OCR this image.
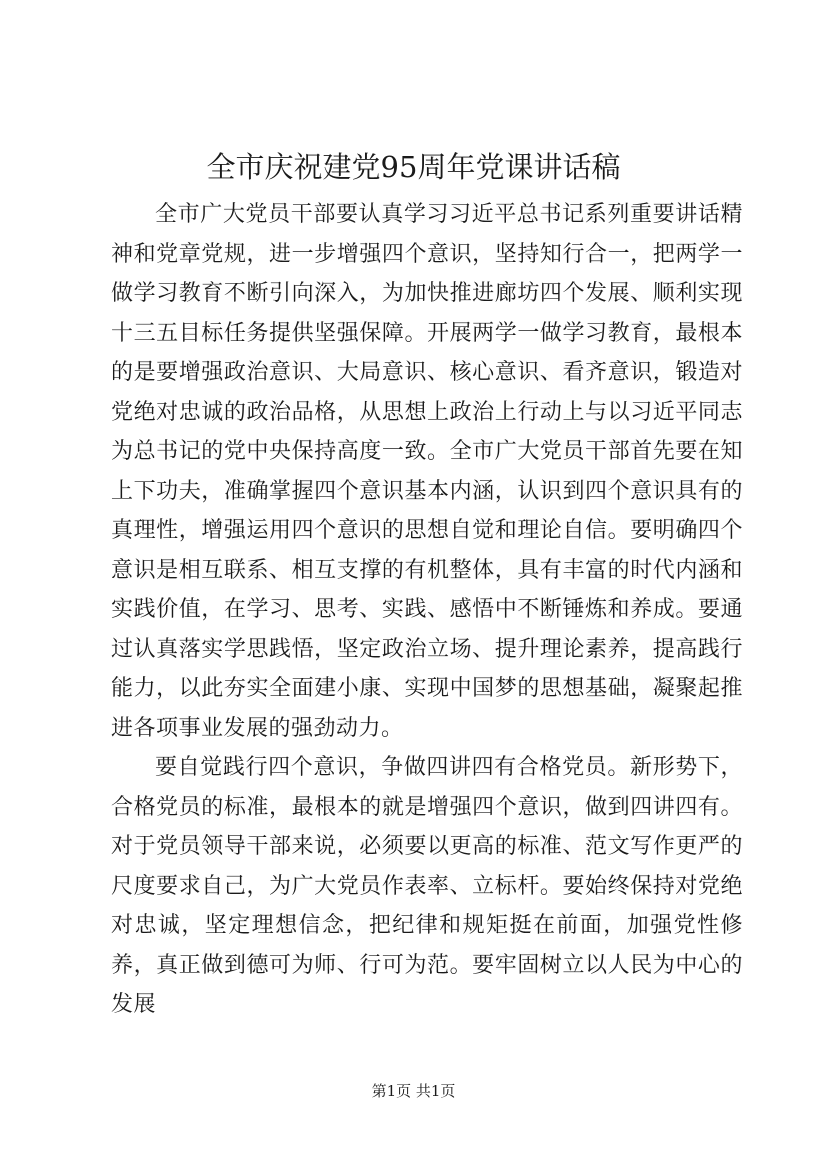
全市庆祝建党95周年党课讲话稿

全市广大党员干部要认真学习习近平总书记系列重要讲话精神和党章党规，进一步增强四个意识，坚持知行合一，把两学一做学习教育不断引向深入，为加快推进廊坊四个发展、顺利实现十三五目标任务提供坚强保障。开展两学一做学习教育，最根本的是要增强政治意识、大局意识、核心意识、看齐意识，锻造对党绝对忠诚的政治品格，从思想上政治上行动上与以习近平同志为总书记的党中央保持高度一致。全市广大党员干部首先要在知上下功夫，准确掌握四个意识基本内涵，认识到四个意识具有的真理性，增强运用四个意识的思想自觉和理论自信。要明确四个意识是相互联系、相互支撑的有机整体，具有丰富的时代内涵和实践价值，在学习、思考、实践、感悟中不断锤炼和养成。要通过认真落实学思践悟，坚定政治立场、提升理论素养，提高践行能力，以此夯实全面建小康、实现中国梦的思想基础，凝聚起推进各项事业发展的强劲动力。

要自觉践行四个意识，争做四讲四有合格党员。新形势下，合格党员的标准，最根本的就是增强四个意识，做到四讲四有。对于党员领导干部来说，必须要以更高的标准、范文写作更严的尺度要求自己，为广大党员作表率、立标杆。要始终保持对党绝对忠诚，坚定理想信念，把纪律和规矩挺在前面，加强党性修养，真正做到德可为师、行可为范。要牢固树立以人民为中心的发展

第1页 共1页
